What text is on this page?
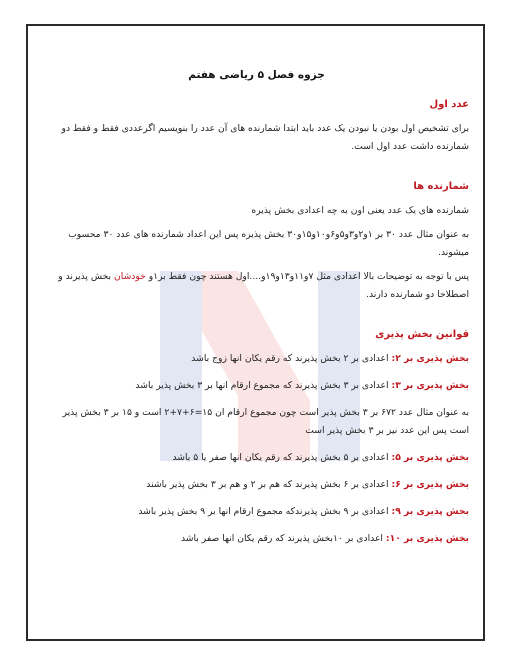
جزوه فصل ۵ ریاضی هفتم
عدد اول

برای تشخیص اول بودن یا نبودن یک عدد باید ابتدا شمارنده های آن عدد را بنویسیم اگرعددی فقط و فقط دو شمارنده داشت عدد اول است.

شمارنده ها

شمارنده های یک عدد یعنی اون به چه اعدادی بخش پذیره

به عنوان مثال عدد ۳۰ بر ۱و۲و۳و۵و۶و۱۰و۱۵و۳۰ بخش پذیره پس این اعداد شمارنده های عدد ۳۰ محسوب میشوند.

پس با توجه به توضیحات بالا اعدادی مثل ۷و۱۱و۱۳و۱۹و....اول هستند چون فقط بر۱و خودشان بخش پذیرند و اصطلاحا دو شمارنده دارند.

قوانین بخش پذیری

بخش پذیری بر ۲: اعدادی بر ۲ بخش پذیرند که رقم یکان انها زوج باشد

بخش پذیری بر ۳: اعدادی بر ۳ بخش پذیرند که مجموع ارقام انها بر ۳ بخش پذیر باشد

به عنوان مثال عدد ۶۷۲ بر ۳ بخش پذیر است چون مجموع ارقام ان ۱۵=۶+۷+۲ است و ۱۵ بر ۳ بخش پذیر است پس این عدد نیز بر ۳ بخش پذیر است

بخش پذیری بر ۵: اعدادی بر ۵ بخش پذیرند که رقم یکان انها صفر یا ۵ باشد

بخش پذیری بر ۶: اعدادی بر ۶ بخش پذیرند که هم بر ۲ و هم بر ۳ بخش پذیر باشند

بخش پذیری بر ۹: اعدادی بر ۹ بخش پذیرندکه مجموع ارقام انها بر ۹ بخش پذیر باشد

بخش پذیری بر ۱۰: اعدادی بر ۱۰بخش پذیرند که رقم یکان انها صفر باشد
